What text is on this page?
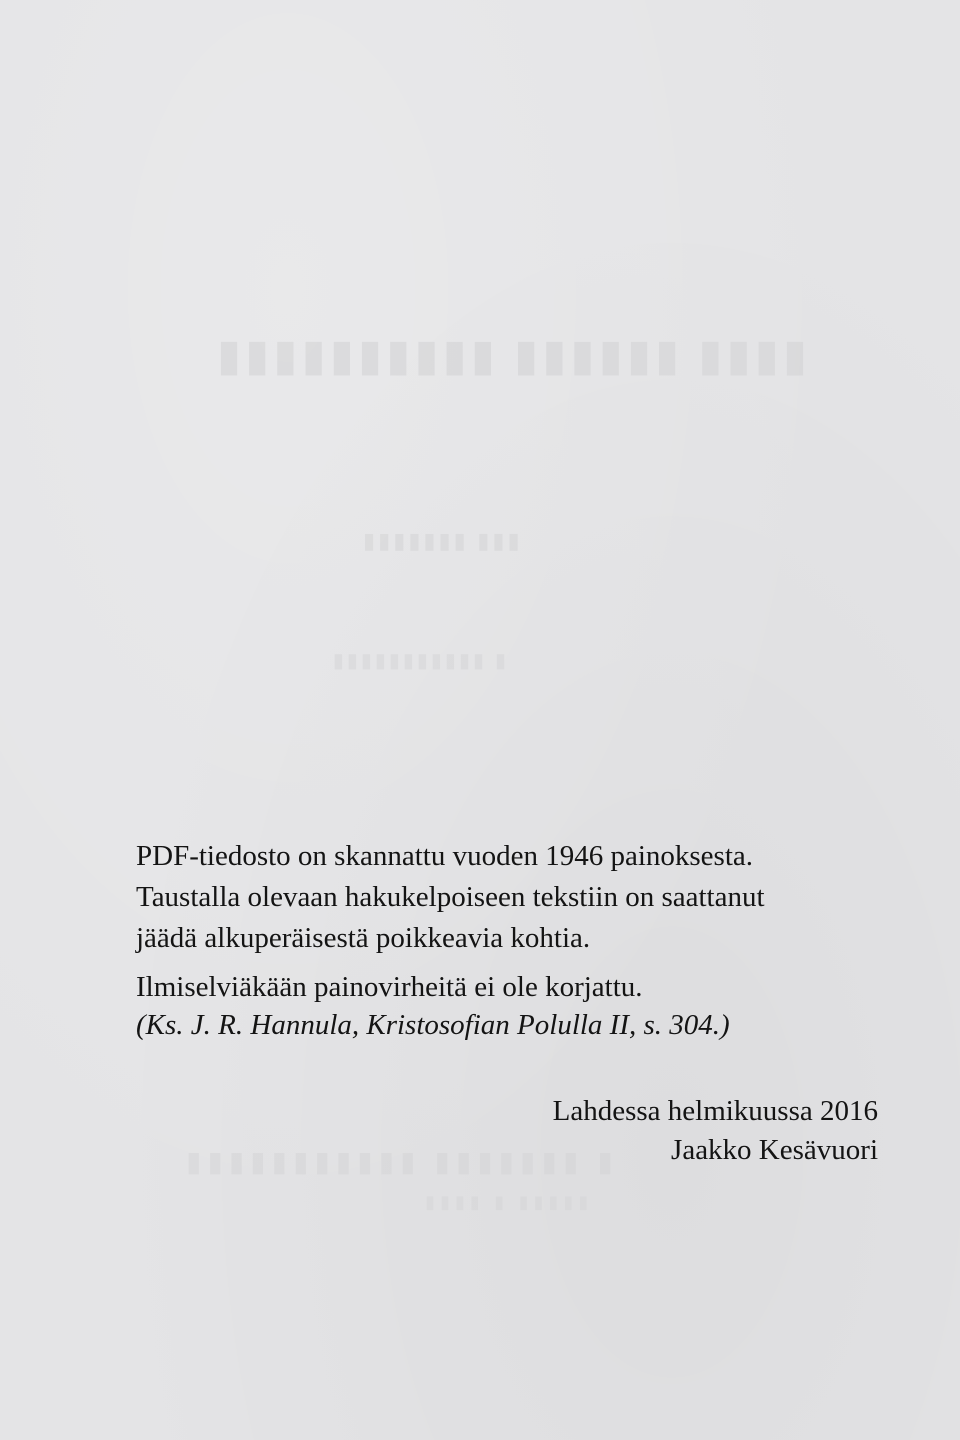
▮▮▮▮ ▮▮▮▮▮▮ ▮▮▮▮▮▮▮▮▮▮
▮▮▮ ▮▮▮▮▮▮▮
▮ ▮▮▮▮▮▮▮▮▮▮▮
▮ ▮▮▮▮▮▮▮ ▮▮▮▮▮▮▮▮▮▮▮
▮▮▮▮▮ ▮ ▮▮▮▮

PDF-tiedosto on skannattu vuoden 1946 painoksesta.

Taustalla olevaan hakukelpoiseen tekstiin on saattanut

jäädä alkuperäisestä poikkeavia kohtia.

Ilmiselviäkään painovirheitä ei ole korjattu.

(Ks. J. R. Hannula, Kristosofian Polulla II, s. 304.)

Lahdessa helmikuussa 2016
Jaakko Kesävuori
